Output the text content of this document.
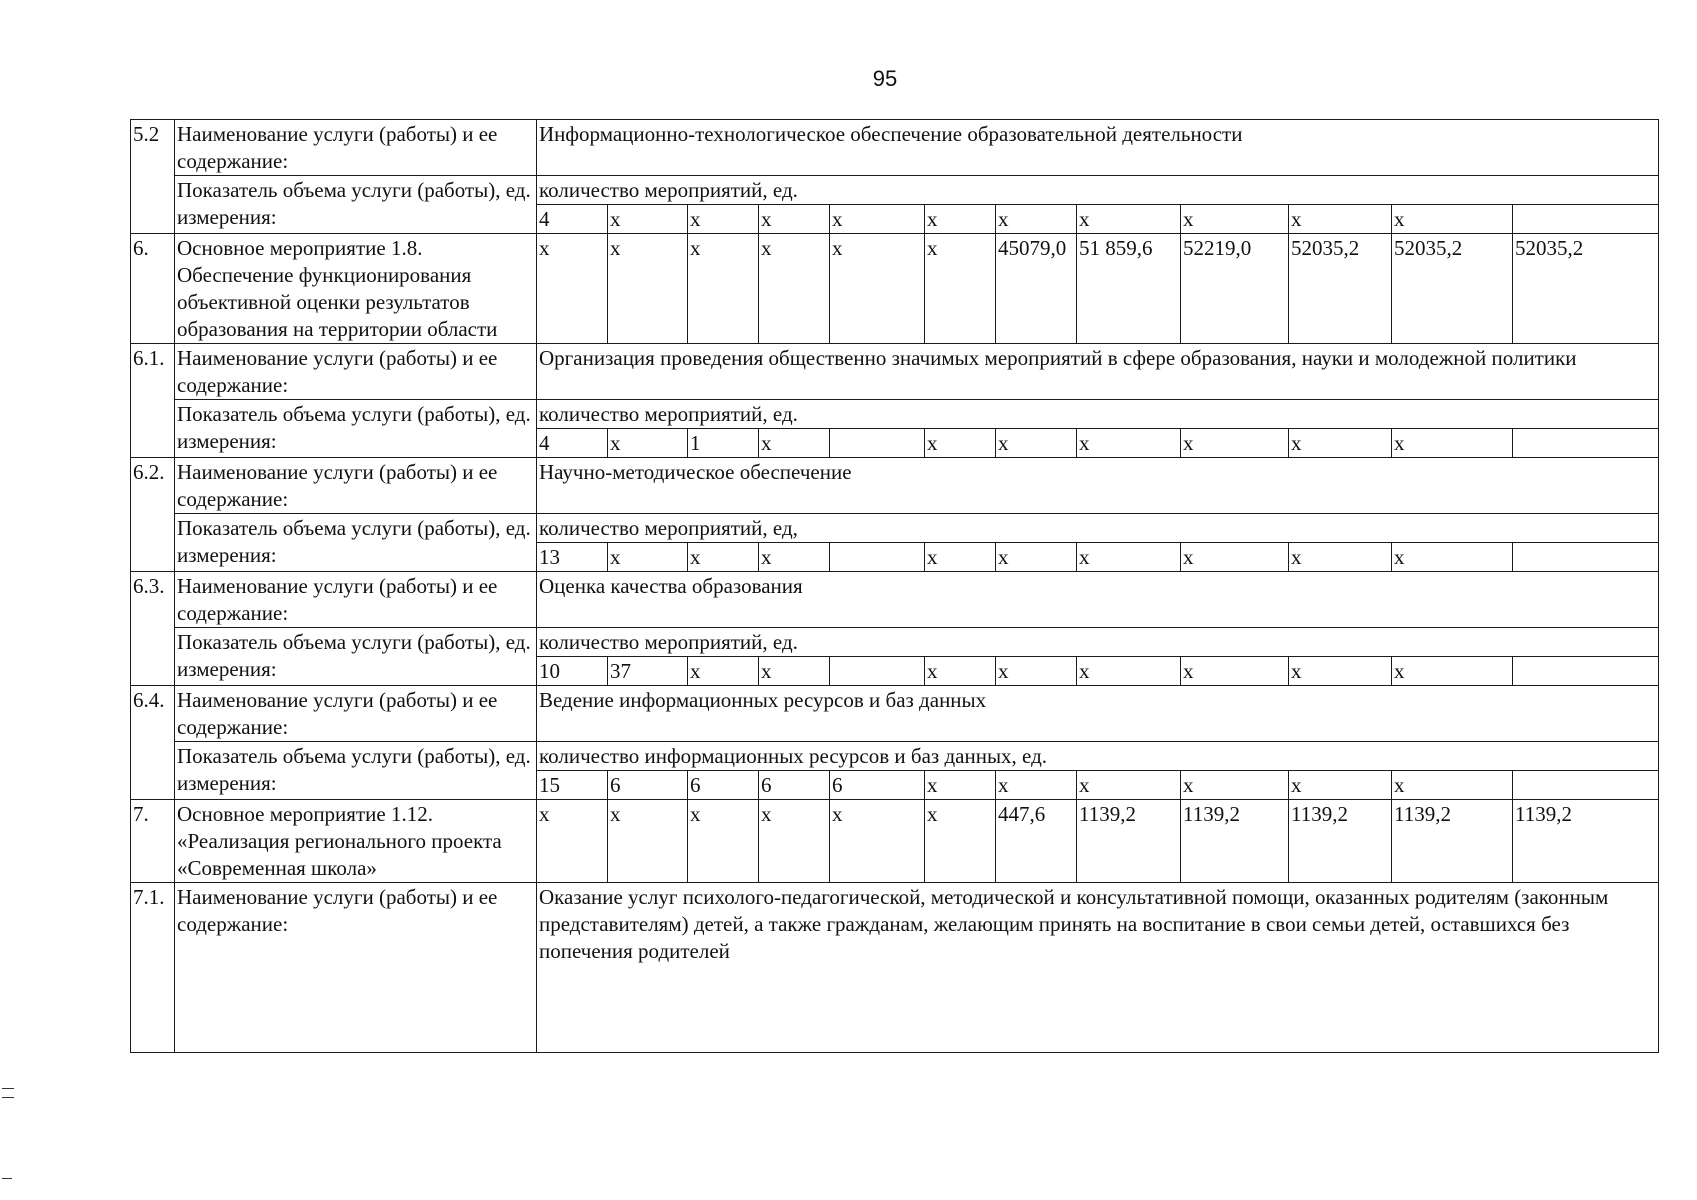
95
5.2	Наименование услуги (работы) и ее содержание:	Информационно-технологическое обеспечение образовательной деятельности											
	Показатель объема услуги (работы), ед. измерения:	количество мероприятий, ед.											
		4	x	x	x	x	x	x	x	x	x	x	
6.	Основное мероприятие 1.8. Обеспечение функционирования объективной оценки результатов образования на территории области	x	x	x	x	x	x	45079,0	51 859,6	52219,0	52035,2	52035,2	52035,2
6.1.	Наименование услуги (работы) и ее содержание:	Организация проведения общественно значимых мероприятий в сфере образования, науки и молодежной политики											
	Показатель объема услуги (работы), ед. измерения:	количество мероприятий, ед.											
		4	x	1	x		x	x	x	x	x	x	
6.2.	Наименование услуги (работы) и ее содержание:	Научно-методическое обеспечение											
	Показатель объема услуги (работы), ед. измерения:	количество мероприятий, ед,											
		13	x	x	x		x	x	x	x	x	x	
6.3.	Наименование услуги (работы) и ее содержание:	Оценка качества образования											
	Показатель объема услуги (работы), ед. измерения:	количество мероприятий, ед.											
		10	37	x	x		x	x	x	x	x	x	
6.4.	Наименование услуги (работы) и ее содержание:	Ведение информационных ресурсов и баз данных											
	Показатель объема услуги (работы), ед. измерения:	количество информационных ресурсов и баз данных, ед.											
		15	6	6	6	6	x	x	x	x	x	x	
7.	Основное мероприятие 1.12. «Реализация регионального проекта «Современная школа»	x	x	x	x	x	x	447,6	1139,2	1139,2	1139,2	1139,2	1139,2
7.1.	Наименование услуги (работы) и ее содержание:	Оказание услуг психолого-педагогической, методической и консультативной помощи, оказанных родителям (законным представителям) детей, а также гражданам, желающим принять на воспитание в свои семьи детей, оставшихся без попечения родителей											
